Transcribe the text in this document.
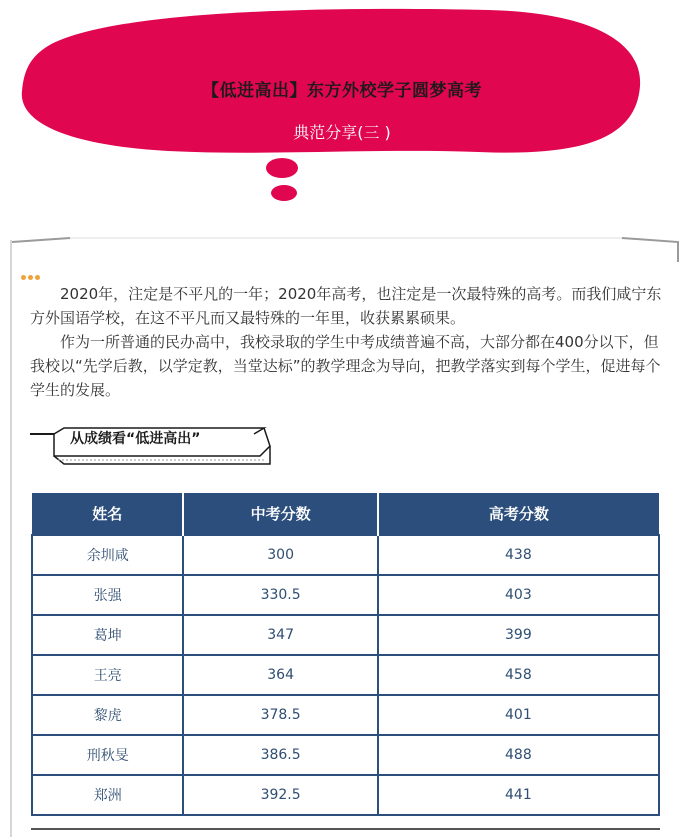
【低进高出】东方外校学子圆梦高考
典范分享(三 )

2020年，注定是不平凡的一年；2020年高考，也注定是一次最特殊的高考。而我们咸宁东方外国语学校，在这不平凡而又最特殊的一年里，收获累累硕果。

作为一所普通的民办高中，我校录取的学生中考成绩普遍不高，大部分都在400分以下，但我校以“先学后教，以学定教，当堂达标”的教学理念为导向，把教学落实到每个学生，促进每个学生的发展。

从成绩看“低进高出”
姓名	中考分数	高考分数
余圳咸	300	438
张强	330.5	403
葛坤	347	399
王亮	364	458
黎虎	378.5	401
刑秋旻	386.5	488
郑洲	392.5	441
